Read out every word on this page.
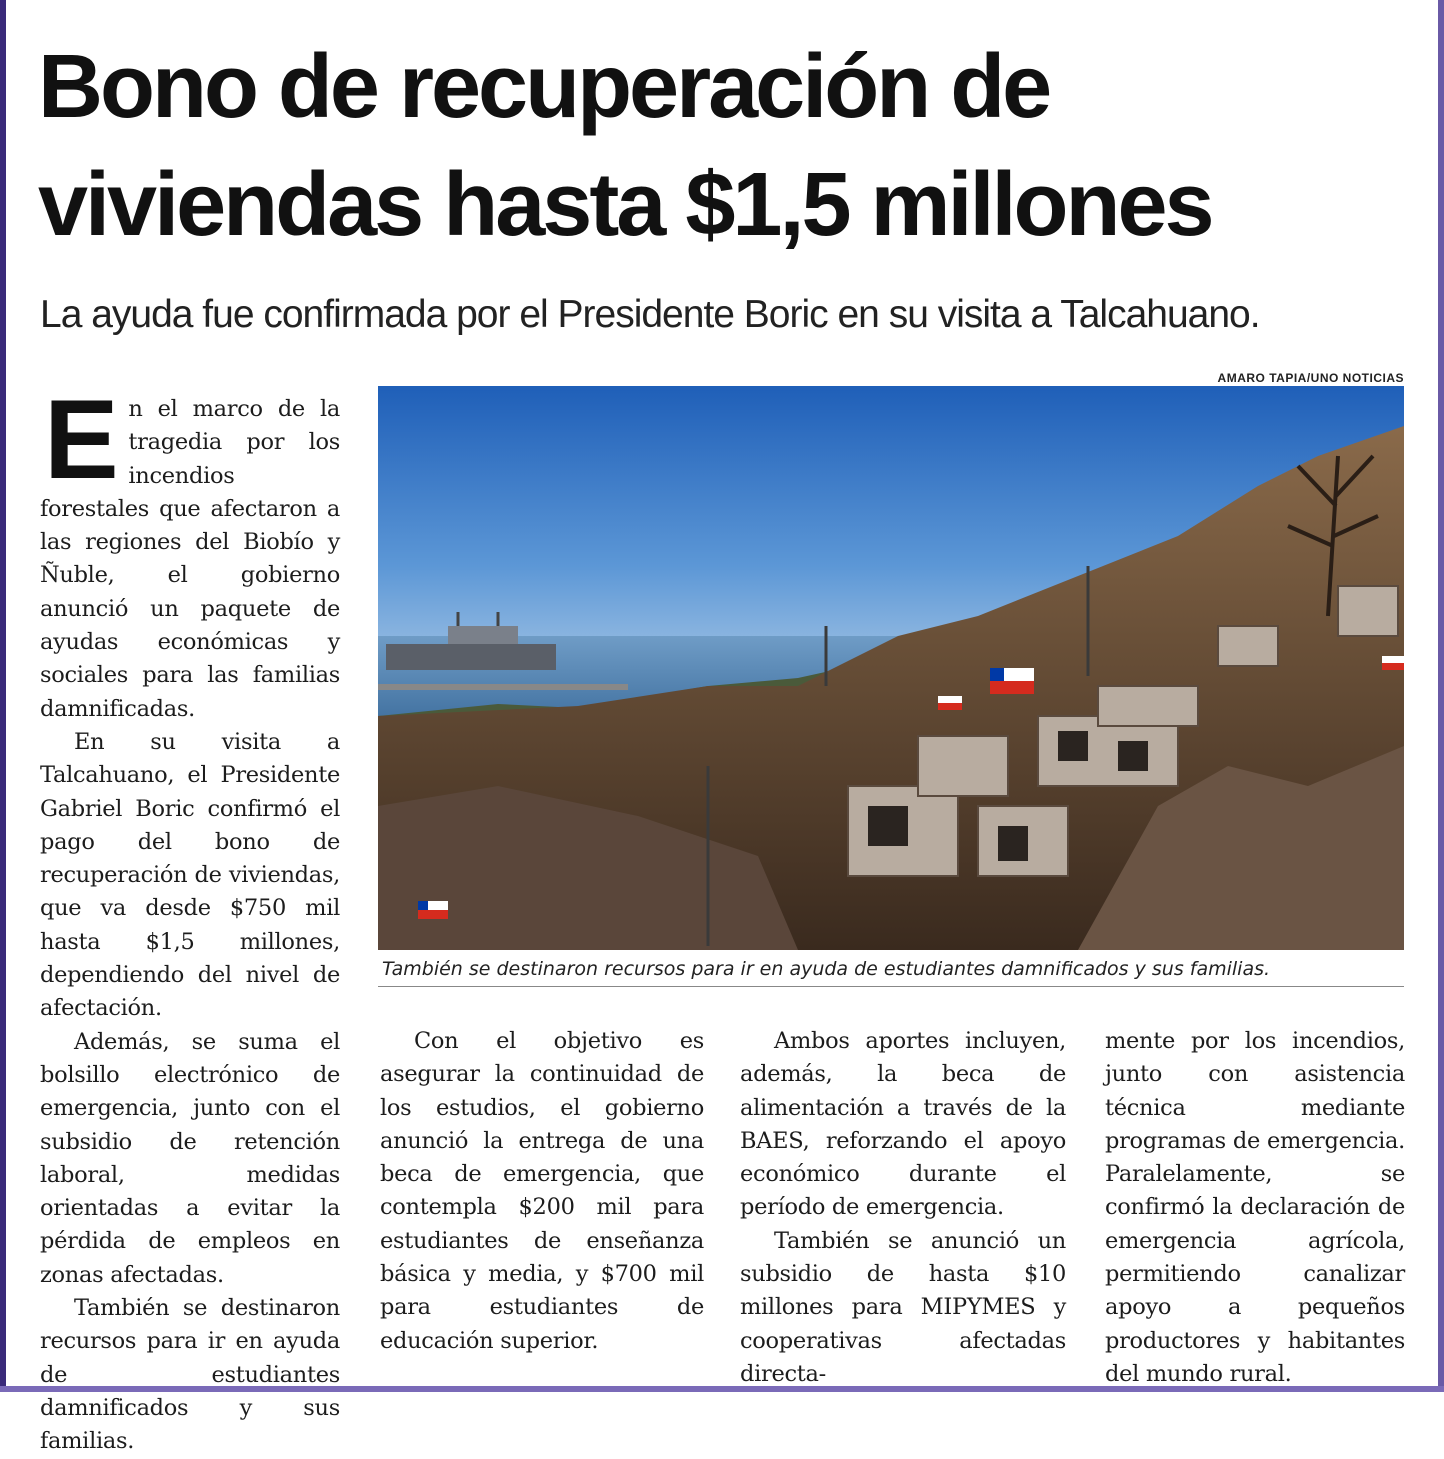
Bono de recuperación de viviendas hasta $1,5 millones

La ayuda fue confirmada por el Presidente Boric en su visita a Talcahuano.

AMARO TAPIA/UNO NOTICIAS
También se destinaron recursos para ir en ayuda de estudiantes damnificados y sus familias.

En el marco de la tragedia por los incendios forestales que afectaron a las regiones del Biobío y Ñuble, el gobierno anunció un paquete de ayudas económicas y sociales para las familias damnificadas.

En su visita a Talcahuano, el Presidente Gabriel Boric confirmó el pago del bono de recuperación de viviendas, que va desde $750 mil hasta $1,5 millones, dependiendo del nivel de afectación.

Además, se suma el bolsillo electrónico de emergencia, junto con el subsidio de retención laboral, medidas orientadas a evitar la pérdida de empleos en zonas afectadas.

También se destinaron recursos para ir en ayuda de estudiantes damnificados y sus familias.

Con el objetivo es asegurar la continuidad de los estudios, el gobierno anunció la entrega de una beca de emergencia, que contempla $200 mil para estudiantes de enseñanza básica y media, y $700 mil para estudiantes de educación superior.

Ambos aportes incluyen, además, la beca de alimentación a través de la BAES, reforzando el apoyo económico durante el período de emergencia.

También se anunció un subsidio de hasta $10 millones para MIPYMES y cooperativas afectadas directa-

mente por los incendios, junto con asistencia técnica mediante programas de emergencia. Paralelamente, se confirmó la declaración de emergencia agrícola, permitiendo canalizar apoyo a pequeños productores y habitantes del mundo rural.
